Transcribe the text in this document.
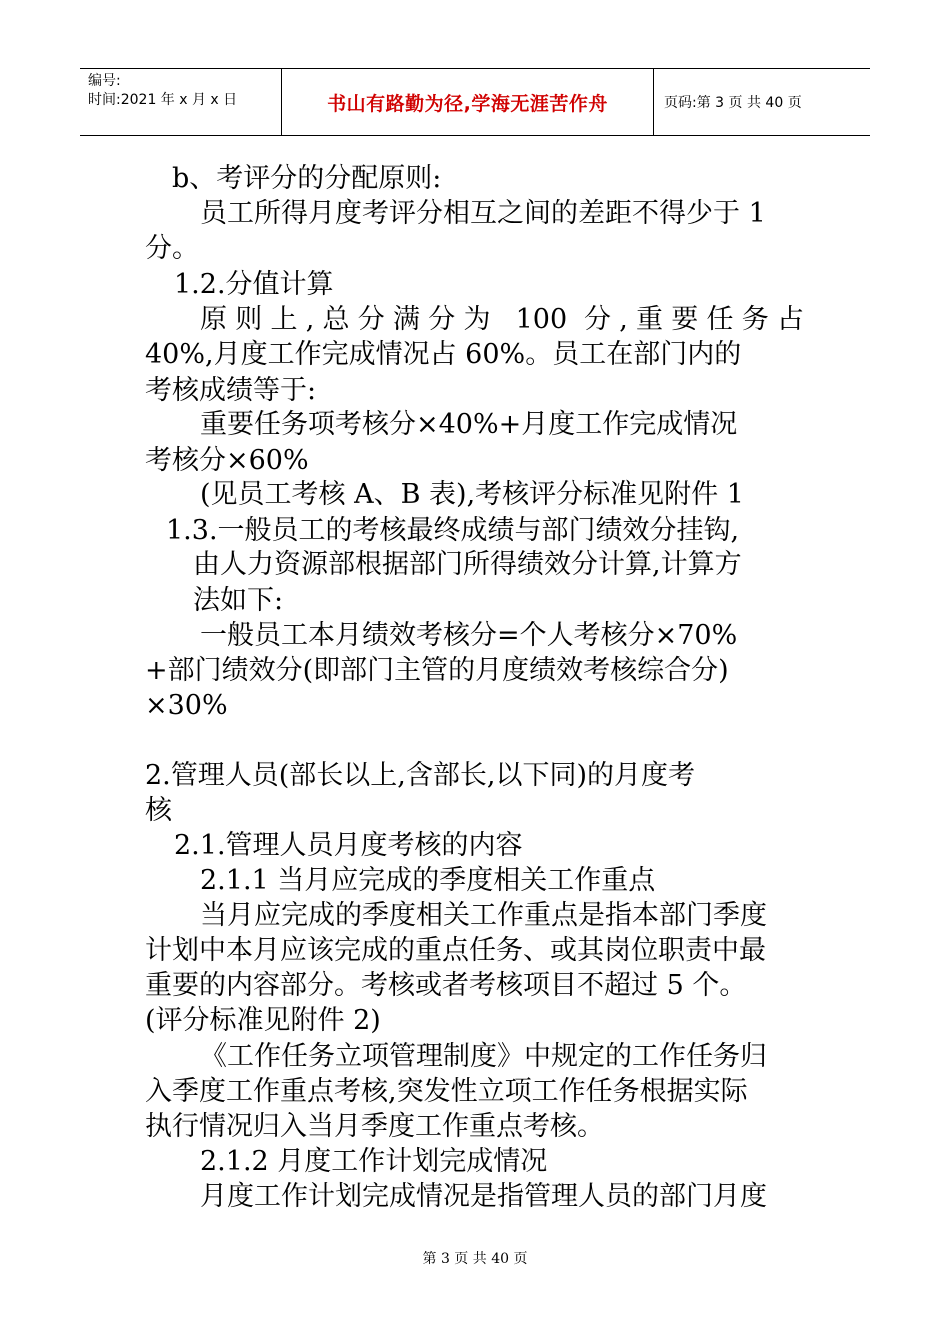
编号:
时间:2021 年 x 月 x 日	书山有路勤为径,学海无涯苦作舟	页码:第 3 页 共 40 页
b、考评分的分配原则:
员工所得月度考评分相互之间的差距不得少于 1
分。
1.2.分值计算
原则上,总分满分为 100 分,重要任务占
40%,月度工作完成情况占 60%。员工在部门内的
考核成绩等于:
重要任务项考核分×40%+月度工作完成情况
考核分×60%
(见员工考核 A、B 表),考核评分标准见附件 1
1.3.一般员工的考核最终成绩与部门绩效分挂钩,
由人力资源部根据部门所得绩效分计算,计算方
法如下:
一般员工本月绩效考核分=个人考核分×70%
+部门绩效分(即部门主管的月度绩效考核综合分)
×30%
2.管理人员(部长以上,含部长,以下同)的月度考
核
2.1.管理人员月度考核的内容
2.1.1 当月应完成的季度相关工作重点
当月应完成的季度相关工作重点是指本部门季度
计划中本月应该完成的重点任务、或其岗位职责中最
重要的内容部分。考核或者考核项目不超过 5 个。
(评分标准见附件 2)
《工作任务立项管理制度》中规定的工作任务归
入季度工作重点考核,突发性立项工作任务根据实际
执行情况归入当月季度工作重点考核。
2.1.2 月度工作计划完成情况
月度工作计划完成情况是指管理人员的部门月度
第 3 页 共 40 页
